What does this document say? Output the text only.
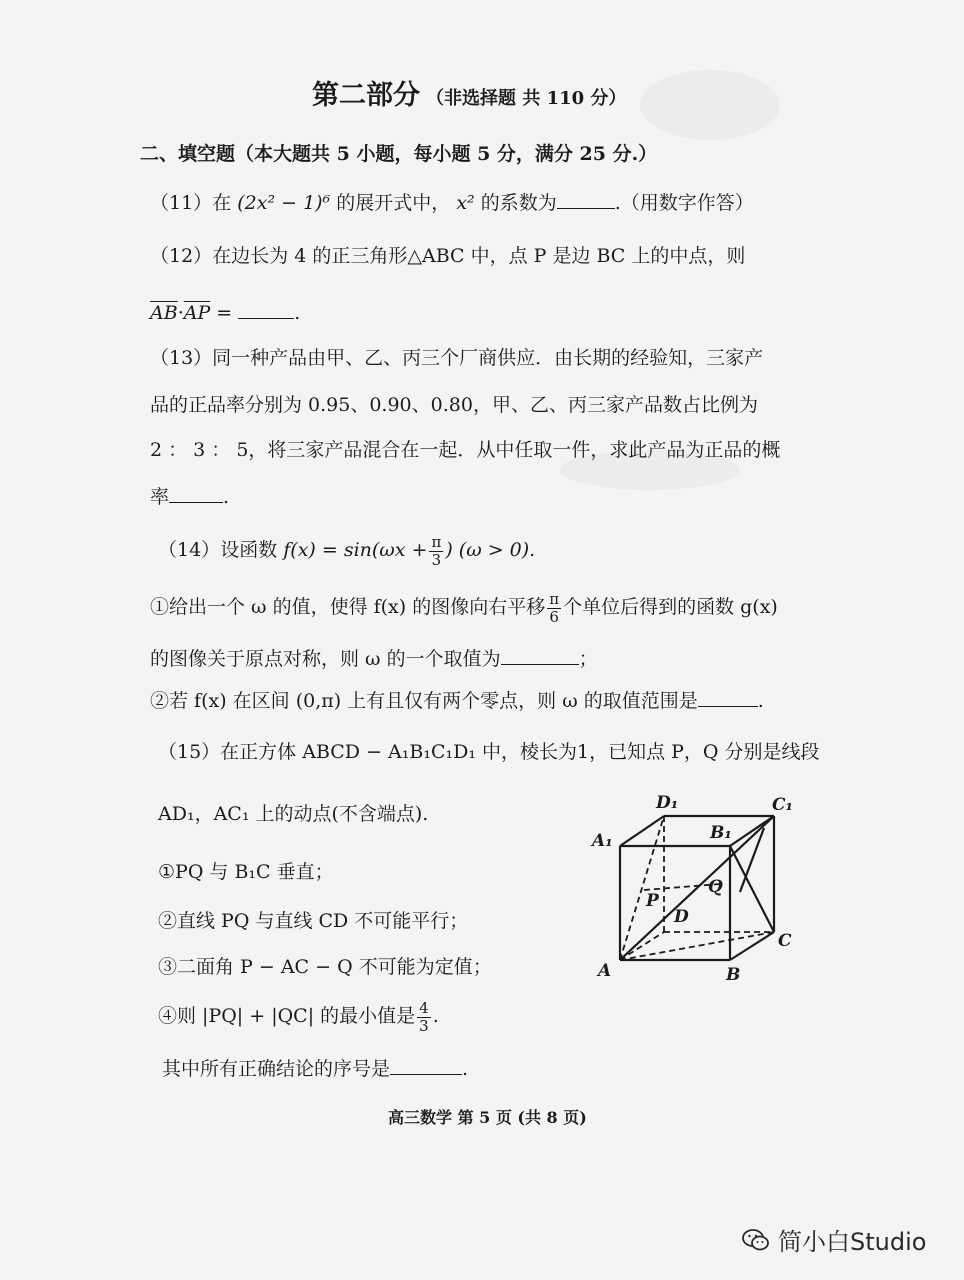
第二部分 （非选择题 共 110 分）
二、填空题（本大题共 5 小题，每小题 5 分，满分 25 分.）
（11）在 (2x² − 1)⁶ 的展开式中， x² 的系数为	.（用数字作答）
（12）在边长为 4 的正三角形△ABC 中，点 P 是边 BC 上的中点，则
$\overline{AB}\cdot\overline{AP}$ =	.
（13）同一种产品由甲、乙、丙三个厂商供应．由长期的经验知，三家产
品的正品率分别为 0.95、0.90、0.80，甲、乙、丙三家产品数占比例为
2 ： 3 ： 5，将三家产品混合在一起．从中任取一件，求此产品为正品的概
率	.
（14）设函数 $f(x) = \sin(\omega x + \frac{\pi}{3}$ ) (ω > 0).
①给出一个 ω 的值，使得 f(x) 的图像向右平移 $\frac{\pi}{6}$ 个单位后得到的函数 g(x)
的图像关于原点对称，则 ω 的一个取值为	；
②若 f(x) 在区间 (0,π) 上有且仅有两个零点，则 ω 的取值范围是	.
（15）在正方体 ABCD − A₁B₁C₁D₁ 中，棱长为1，已知点 P，Q 分别是线段
AD₁，AC₁ 上的动点(不含端点).
①PQ 与 B₁C 垂直；
②直线 PQ 与直线 CD 不可能平行；
③二面角 P − AC − Q 不可能为定值；
④则 |PQ| + |QC| 的最小值是 $\frac{4}{3}$ .
其中所有正确结论的序号是	.
A	B
C
D
A₁	B₁
C₁
D₁
P
Q
高三数学 第 5 页 (共 8 页)
简小白Studio
